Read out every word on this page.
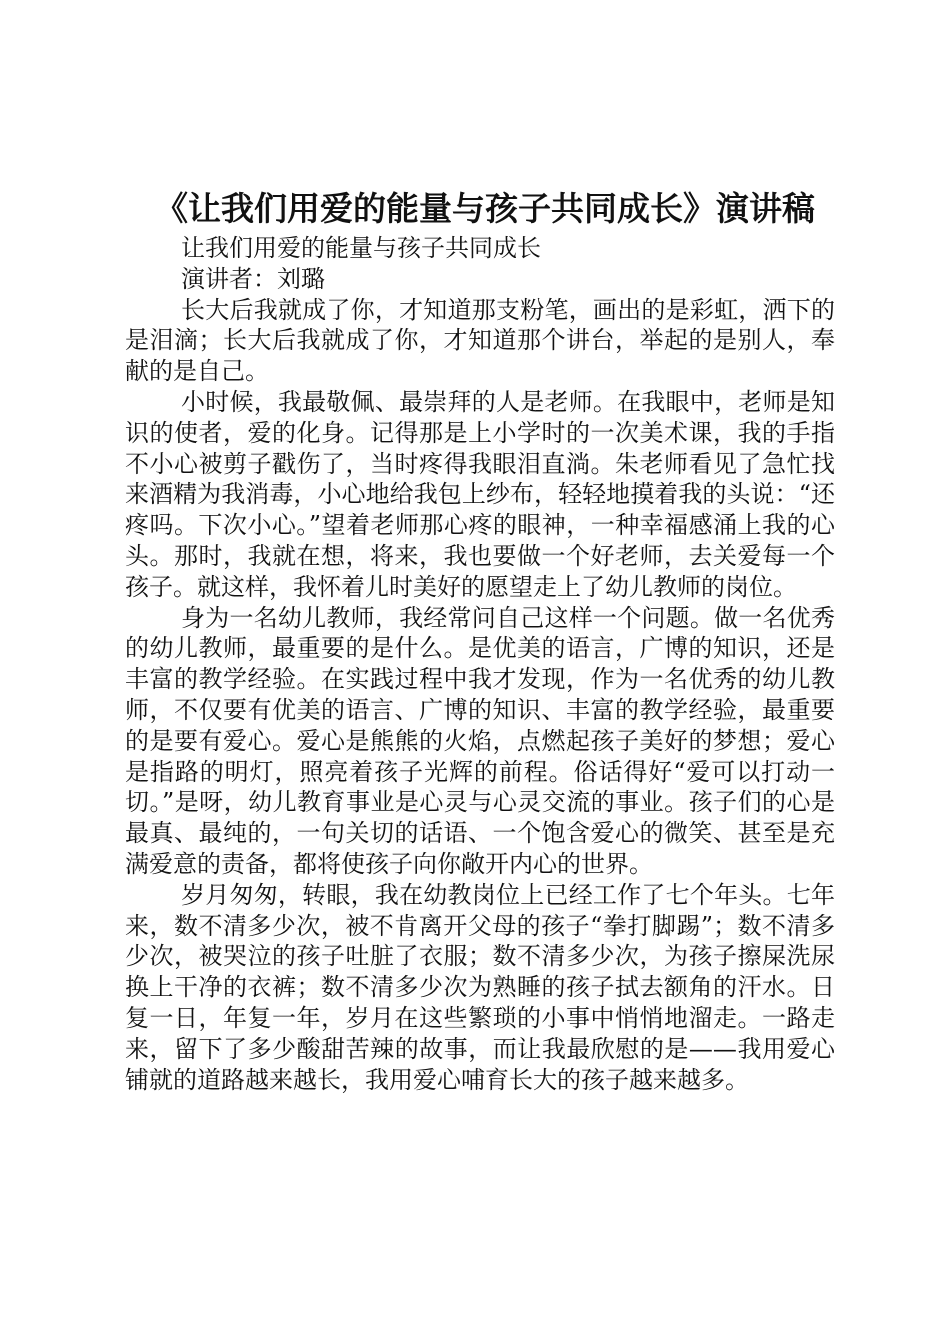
《让我们用爱的能量与孩子共同成长》演讲稿

让我们用爱的能量与孩子共同成长

演讲者：刘璐

长大后我就成了你，才知道那支粉笔，画出的是彩虹，洒下的是泪滴；长大后我就成了你，才知道那个讲台，举起的是别人，奉献的是自己。

小时候，我最敬佩、最崇拜的人是老师。在我眼中，老师是知识的使者，爱的化身。记得那是上小学时的一次美术课，我的手指不小心被剪子戳伤了，当时疼得我眼泪直淌。朱老师看见了急忙找来酒精为我消毒，小心地给我包上纱布，轻轻地摸着我的头说：“还疼吗。下次小心。”望着老师那心疼的眼神，一种幸福感涌上我的心头。那时，我就在想，将来，我也要做一个好老师，去关爱每一个孩子。就这样，我怀着儿时美好的愿望走上了幼儿教师的岗位。

身为一名幼儿教师，我经常问自己这样一个问题。做一名优秀的幼儿教师，最重要的是什么。是优美的语言，广博的知识，还是丰富的教学经验。在实践过程中我才发现，作为一名优秀的幼儿教师，不仅要有优美的语言、广博的知识、丰富的教学经验，最重要的是要有爱心。爱心是熊熊的火焰，点燃起孩子美好的梦想；爱心是指路的明灯，照亮着孩子光辉的前程。俗话得好“爱可以打动一切。”是呀，幼儿教育事业是心灵与心灵交流的事业。孩子们的心是最真、最纯的，一句关切的话语、一个饱含爱心的微笑、甚至是充满爱意的责备，都将使孩子向你敞开内心的世界。

岁月匆匆，转眼，我在幼教岗位上已经工作了七个年头。七年来，数不清多少次，被不肯离开父母的孩子“拳打脚踢”；数不清多少次，被哭泣的孩子吐脏了衣服；数不清多少次，为孩子擦屎洗尿换上干净的衣裤；数不清多少次为熟睡的孩子拭去额角的汗水。日复一日，年复一年，岁月在这些繁琐的小事中悄悄地溜走。一路走来，留下了多少酸甜苦辣的故事，而让我最欣慰的是——我用爱心铺就的道路越来越长，我用爱心哺育长大的孩子越来越多。
